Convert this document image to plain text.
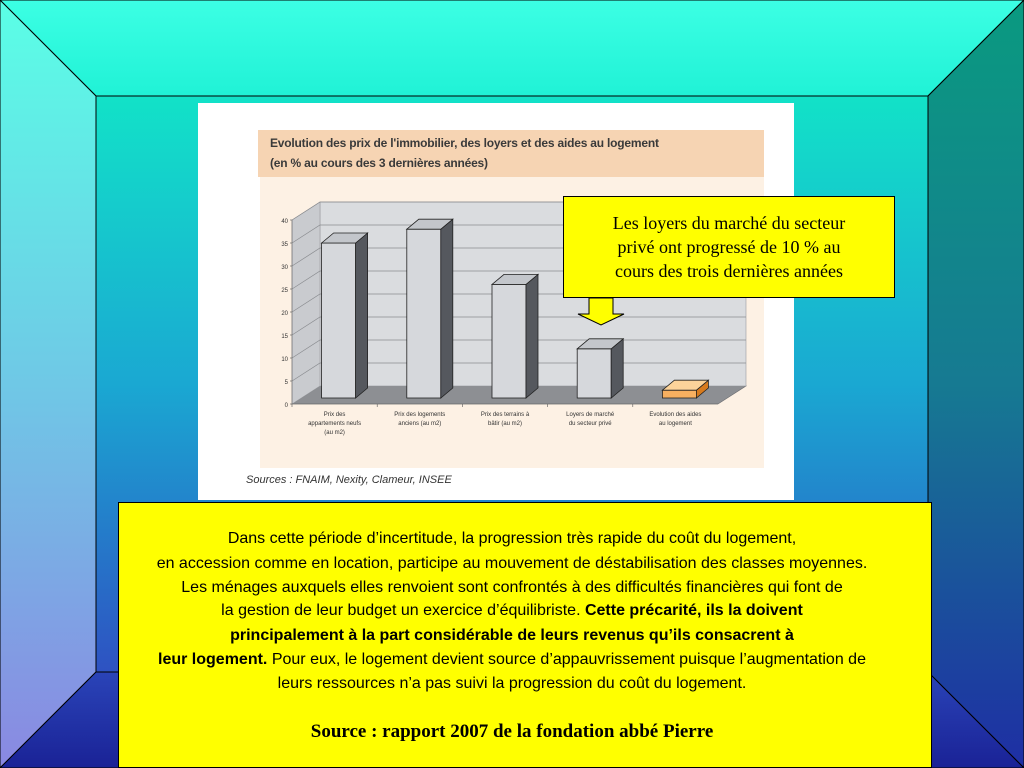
Evolution des prix de l'immobilier, des loyers et des aides au logement
(en % au cours des 3 dernières années)
0
5
10
15
20
25
30
35
40
Prix des
appartements neufs
(au m2)
Prix des logements
anciens (au m2)
Prix des terrains à
bâtir (au m2)
Loyers de marché
du secteur privé
Evolution des aides
au logement
Sources : FNAIM, Nexity, Clameur, INSEE
Les loyers du marché du secteur
privé ont progressé de 10 % au
cours des trois dernières années
Dans cette période d’incertitude, la progression très rapide du coût du logement,
en accession comme en location, participe au mouvement de déstabilisation des classes moyennes.
Les ménages auxquels elles renvoient sont confrontés à des difficultés financières qui font de
la gestion de leur budget un exercice d’équilibriste. Cette précarité, ils la doivent
principalement à la part considérable de leurs revenus qu’ils consacrent à
leur logement. Pour eux, le logement devient source d’appauvrissement puisque l’augmentation de
leurs ressources n’a pas suivi la progression du coût du logement.
Source : rapport 2007 de la fondation abbé Pierre
